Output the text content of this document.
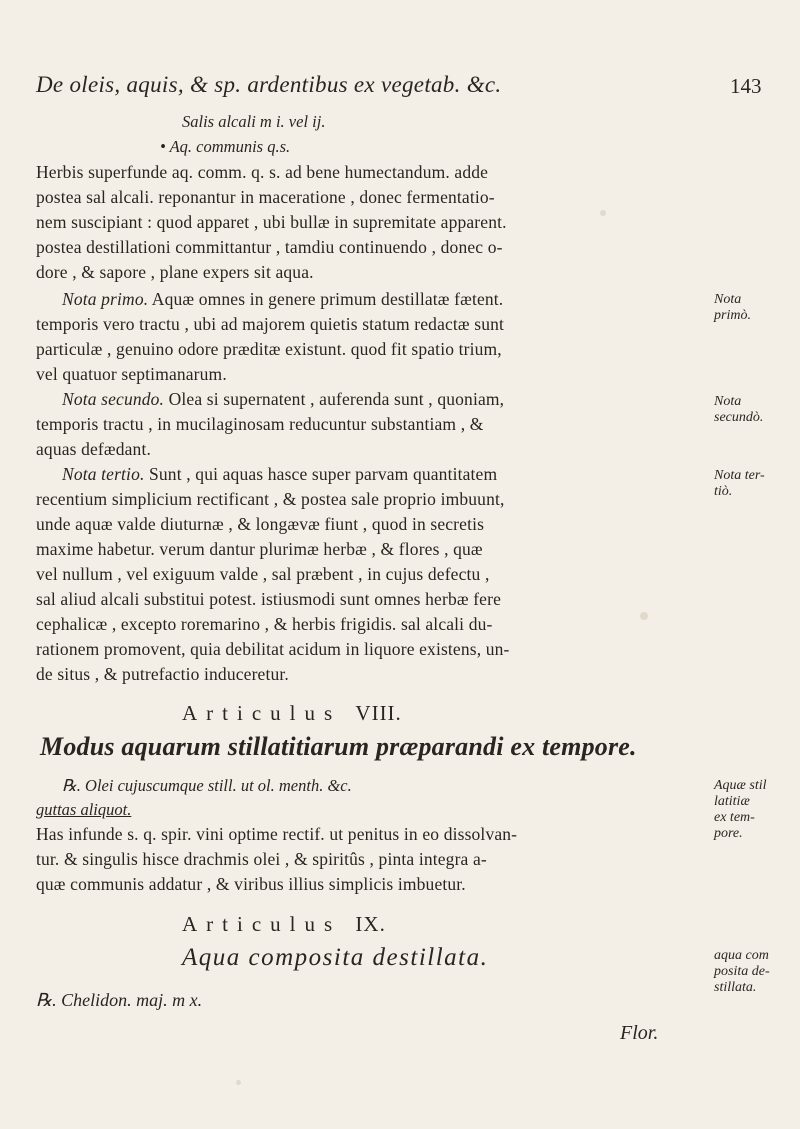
De oleis, aquis, & sp. ardentibus ex vegetab. &c.	143
Salis alcali m i. vel ij.
• Aq. communis q.s.
Herbis superfunde aq. comm. q. s. ad bene humectandum. adde
postea sal alcali. reponantur in maceratione , donec fermentatio-
nem suscipiant : quod apparet , ubi bullæ in supremitate apparent.
postea destillationi committantur , tamdiu continuendo , donec o-
dore , & sapore , plane expers sit aqua.
Nota primo. Aquæ omnes in genere primum destillatæ fætent.
temporis vero tractu , ubi ad majorem quietis statum redactæ sunt
particulæ , genuino odore præditæ existunt. quod fit spatio trium,
vel quatuor septimanarum.
Nota
primò.
Nota secundo. Olea si supernatent , auferenda sunt , quoniam,
temporis tractu , in mucilaginosam reducuntur substantiam , &
aquas defædant.
Nota
secundò.
Nota tertio. Sunt , qui aquas hasce super parvam quantitatem
recentium simplicium rectificant , & postea sale proprio imbuunt,
unde aquæ valde diuturnæ , & longævæ fiunt , quod in secretis
maxime habetur. verum dantur plurimæ herbæ , & flores , quæ
vel nullum , vel exiguum valde , sal præbent , in cujus defectu ,
sal aliud alcali substitui potest. istiusmodi sunt omnes herbæ fere
cephalicæ , excepto roremarino , & herbis frigidis. sal alcali du-
rationem promovent, quia debilitat acidum in liquore existens, un-
de situs , & putrefactio induceretur.
Nota ter-
tiò.
Articulus VIII.
Modus aquarum stillatitiarum præparandi ex tempore.
℞. Olei cujuscumque still. ut ol. menth. &c.
guttas aliquot.
Has infunde s. q. spir. vini optime rectif. ut penitus in eo dissolvan-
tur. & singulis hisce drachmis olei , & spiritûs , pinta integra a-
quæ communis addatur , & viribus illius simplicis imbuetur.
Aquæ stil
latitiæ
ex tem-
pore.
Articulus IX.
Aqua composita destillata.	aqua com
posita de-
stillata.
℞. Chelidon. maj. m x.
Flor.
